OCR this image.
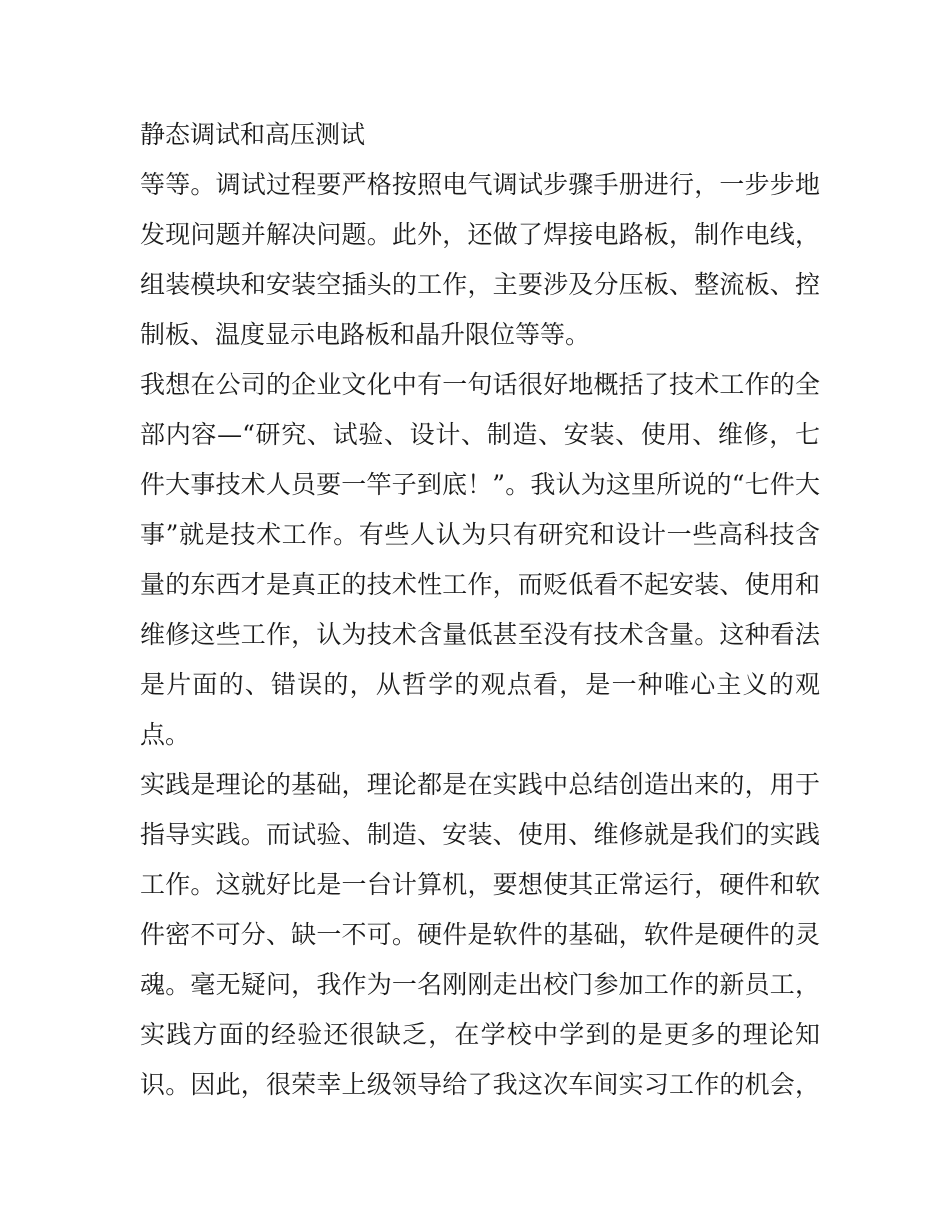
静态调试和高压测试
等等。调试过程要严格按照电气调试步骤手册进行，一步步地
发现问题并解决问题。此外，还做了焊接电路板，制作电线，
组装模块和安装空插头的工作，主要涉及分压板、整流板、控
制板、温度显示电路板和晶升限位等等。
我想在公司的企业文化中有一句话很好地概括了技术工作的全
部内容—“研究、试验、设计、制造、安装、使用、维修，七
件大事技术人员要一竿子到底！”。我认为这里所说的“七件大
事”就是技术工作。有些人认为只有研究和设计一些高科技含
量的东西才是真正的技术性工作，而贬低看不起安装、使用和
维修这些工作，认为技术含量低甚至没有技术含量。这种看法
是片面的、错误的，从哲学的观点看，是一种唯心主义的观
点。
实践是理论的基础，理论都是在实践中总结创造出来的，用于
指导实践。而试验、制造、安装、使用、维修就是我们的实践
工作。这就好比是一台计算机，要想使其正常运行，硬件和软
件密不可分、缺一不可。硬件是软件的基础，软件是硬件的灵
魂。毫无疑问，我作为一名刚刚走出校门参加工作的新员工，
实践方面的经验还很缺乏，在学校中学到的是更多的理论知
识。因此，很荣幸上级领导给了我这次车间实习工作的机会，
